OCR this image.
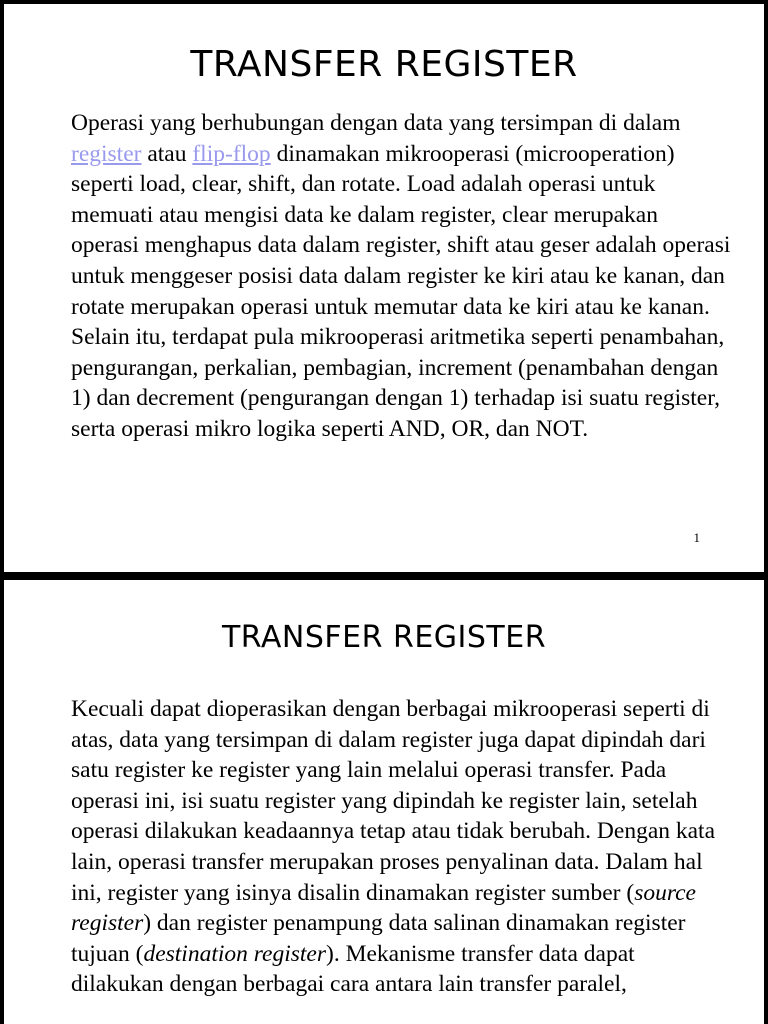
TRANSFER REGISTER

Operasi yang berhubungan dengan data yang tersimpan di dalam register atau flip-flop dinamakan mikrooperasi (microoperation) seperti load, clear, shift, dan rotate. Load adalah operasi untuk memuati atau mengisi data ke dalam register, clear merupakan operasi menghapus data dalam register, shift atau geser adalah operasi untuk menggeser posisi data dalam register ke kiri atau ke kanan, dan rotate merupakan operasi untuk memutar data ke kiri atau ke kanan. Selain itu, terdapat pula mikrooperasi aritmetika seperti penambahan, pengurangan, perkalian, pembagian, increment (penambahan dengan 1) dan decrement (pengurangan dengan 1) terhadap isi suatu register, serta operasi mikro logika seperti AND, OR, dan NOT.

1
TRANSFER REGISTER

Kecuali dapat dioperasikan dengan berbagai mikrooperasi seperti di atas, data yang tersimpan di dalam register juga dapat dipindah dari satu register ke register yang lain melalui operasi transfer. Pada operasi ini, isi suatu register yang dipindah ke register lain, setelah operasi dilakukan keadaannya tetap atau tidak berubah. Dengan kata lain, operasi transfer merupakan proses penyalinan data. Dalam hal ini, register yang isinya disalin dinamakan register sumber (source register) dan register penampung data salinan dinamakan register tujuan (destination register). Mekanisme transfer data dapat dilakukan dengan berbagai cara antara lain transfer paralel,
